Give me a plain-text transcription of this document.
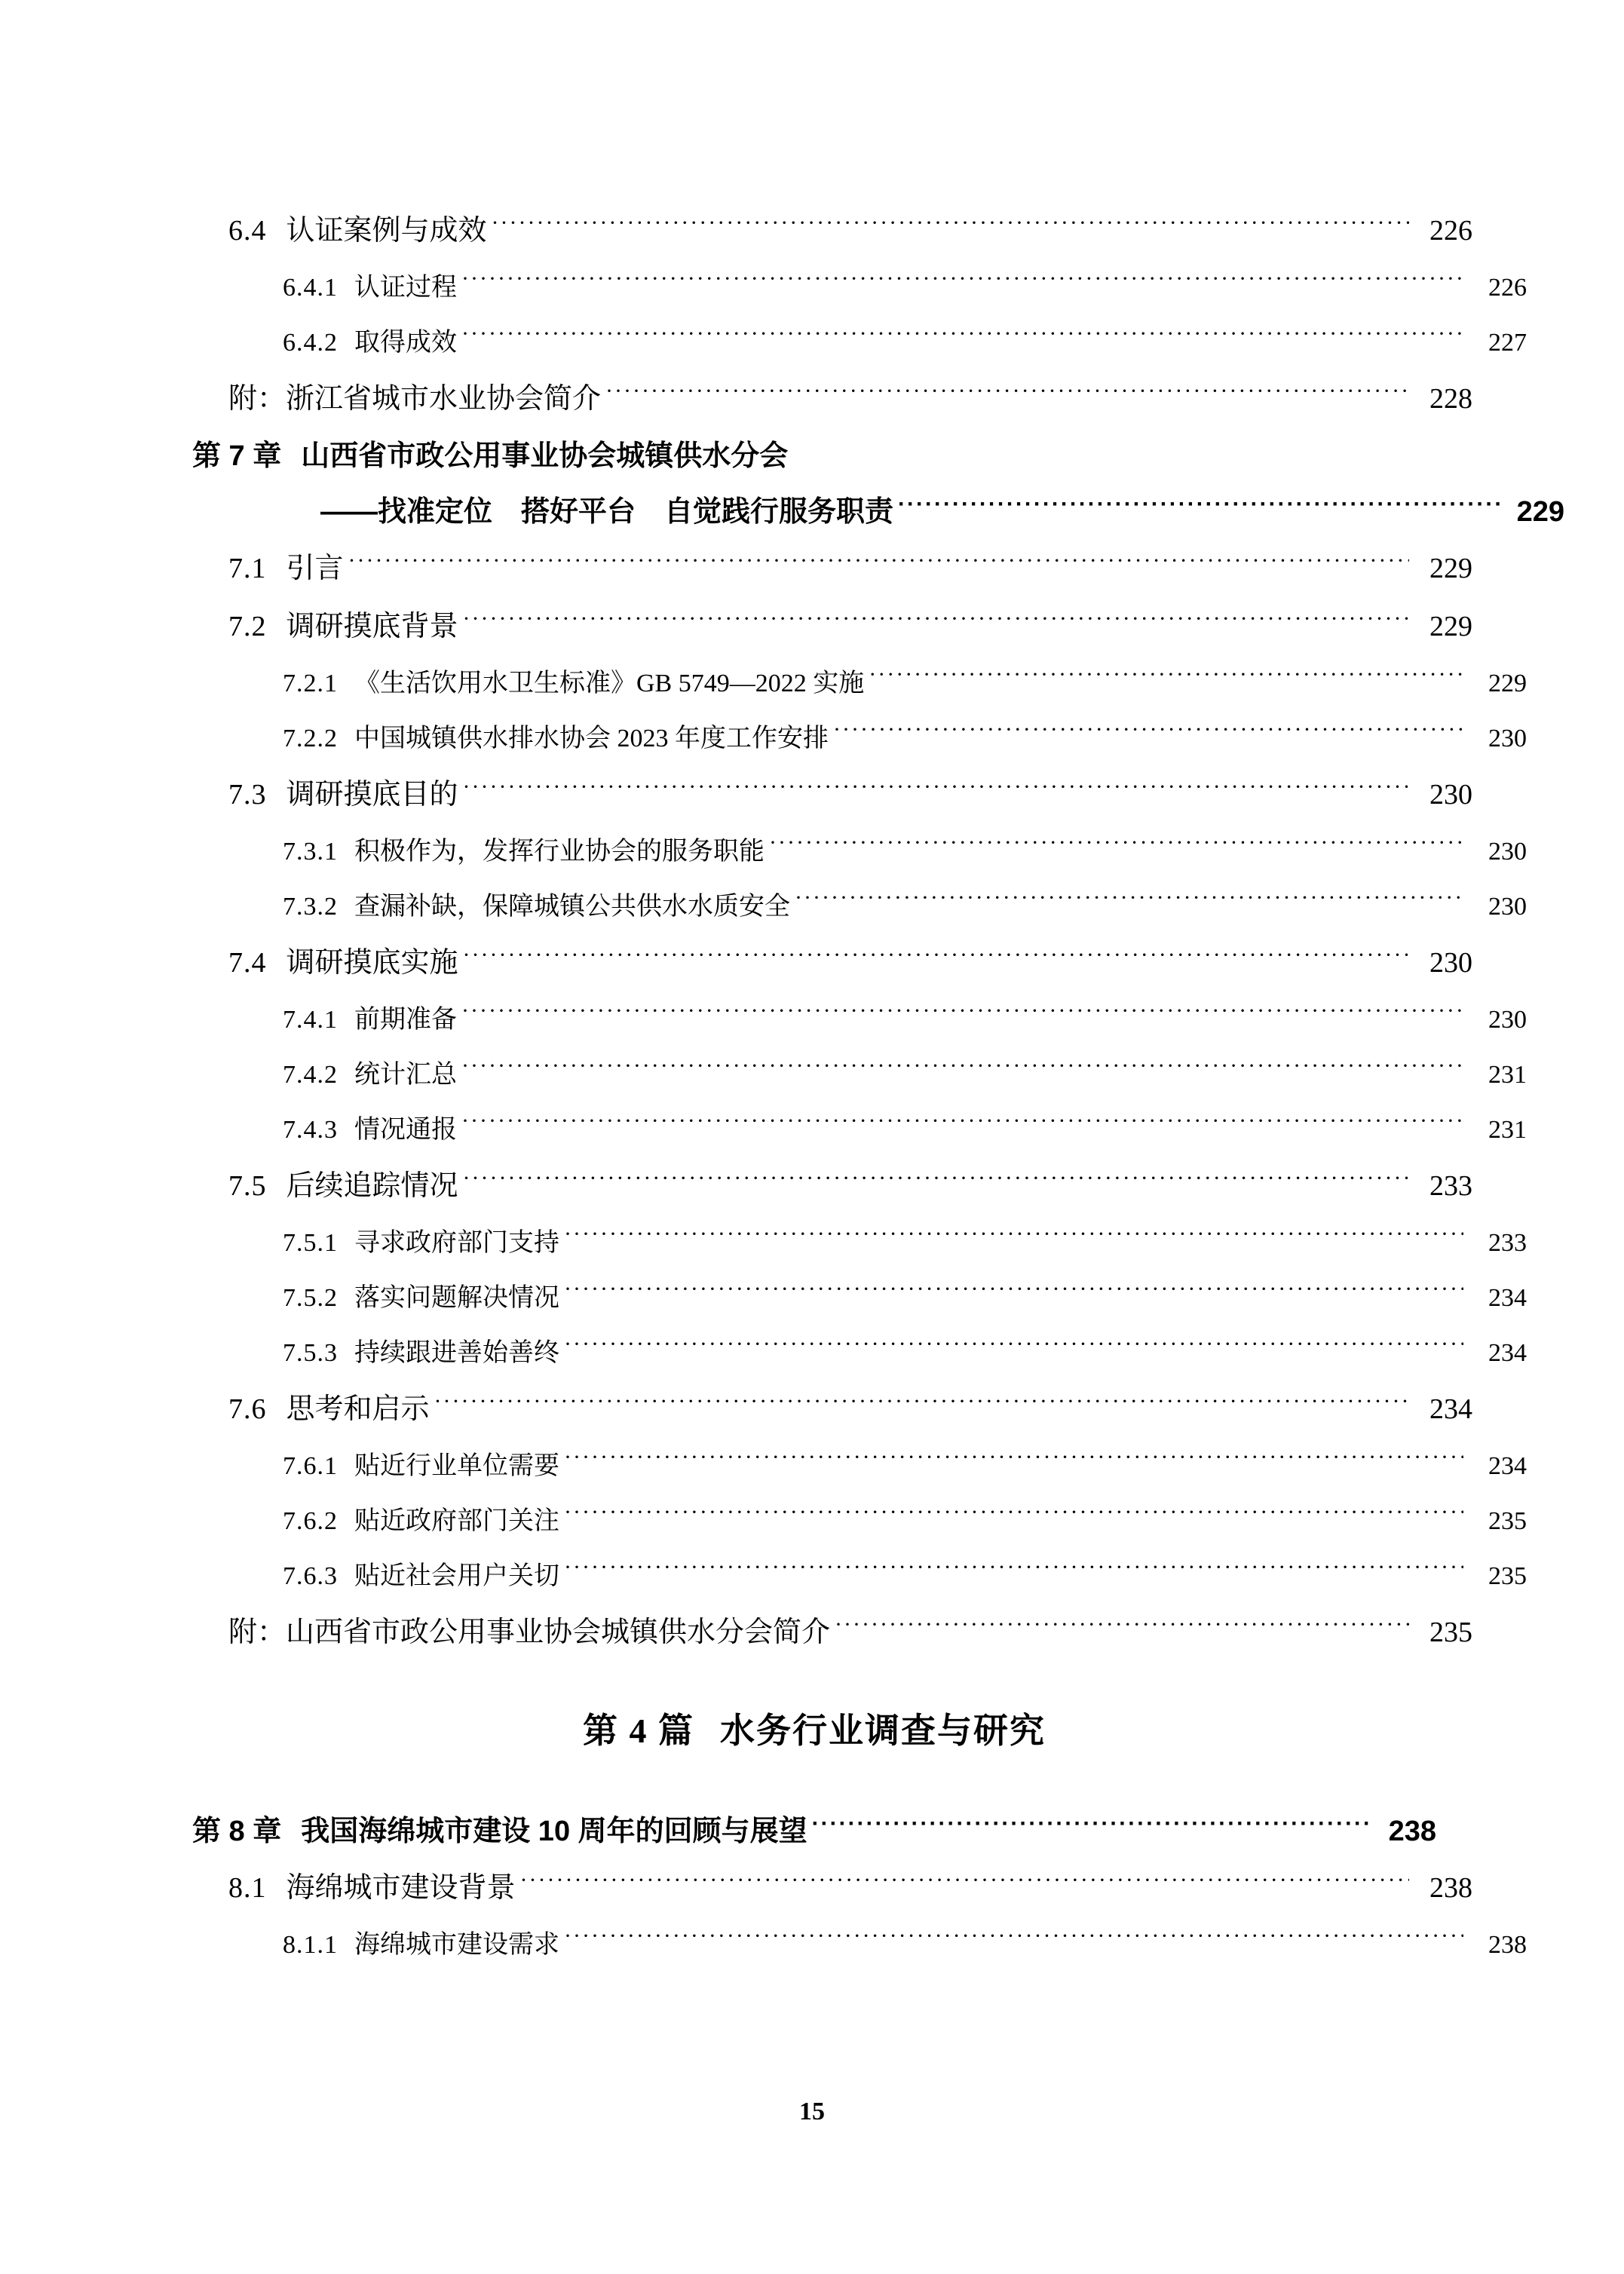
6.4 认证案例与成效 ·····	226
6.4.1 认证过程 ·····	226
6.4.2 取得成效 ·····	227
附：浙江省城市水业协会简介 ·····	228
第 7 章 山西省市政公用事业协会城镇供水分会
——找准定位　搭好平台　自觉践行服务职责 ·····	229
7.1 引言 ·····	229
7.2 调研摸底背景 ·····	229
7.2.1 《生活饮用水卫生标准》GB 5749—2022 实施 ·····	229
7.2.2 中国城镇供水排水协会 2023 年度工作安排 ·····	230
7.3 调研摸底目的 ·····	230
7.3.1 积极作为，发挥行业协会的服务职能 ·····	230
7.3.2 查漏补缺，保障城镇公共供水水质安全 ·····	230
7.4 调研摸底实施 ·····	230
7.4.1 前期准备 ·····	230
7.4.2 统计汇总 ·····	231
7.4.3 情况通报 ·····	231
7.5 后续追踪情况 ·····	233
7.5.1 寻求政府部门支持 ·····	233
7.5.2 落实问题解决情况 ·····	234
7.5.3 持续跟进善始善终 ·····	234
7.6 思考和启示 ·····	234
7.6.1 贴近行业单位需要 ·····	234
7.6.2 贴近政府部门关注 ·····	235
7.6.3 贴近社会用户关切 ·····	235
附：山西省市政公用事业协会城镇供水分会简介 ·····	235
第 4 篇 水务行业调查与研究
第 8 章 我国海绵城市建设 10 周年的回顾与展望 ·····	238
8.1 海绵城市建设背景 ·····	238
8.1.1 海绵城市建设需求 ·····	238
15
